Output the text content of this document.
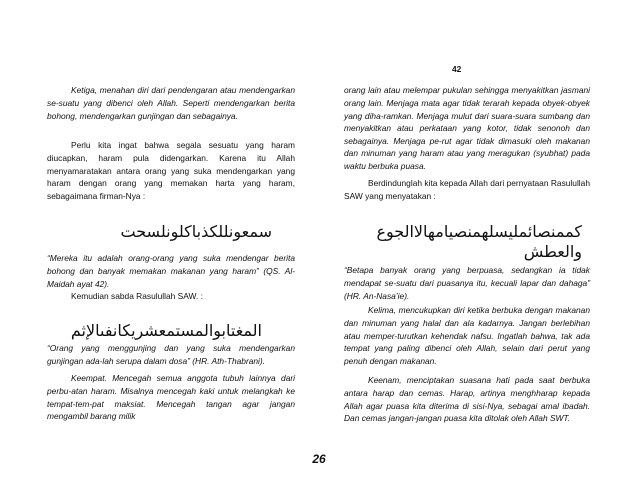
42

Ketiga, menahan diri dari pendengaran atau mendengarkan se-suatu yang dibenci oleh Allah. Seperti mendengarkan berita bohong, mendengarkan gunjingan dan sebagainya.

Perlu kita ingat bahwa segala sesuatu yang haram diucapkan, haram pula didengarkan. Karena itu Allah menyamaratakan antara orang yang suka mendengarkan yang haram dengan orang yang memakan harta yang haram, sebagaimana firman-Nya :

سمعونللكذباكلونلسحت

“Mereka itu adalah orang-orang yang suka mendengar berita bohong dan banyak memakan makanan yang haram” (QS. Al-Maidah ayat 42).

Kemudian sabda Rasulullah SAW. :

المغتابوالمستمعشريكانفىالإثم

“Orang yang menggunjing dan yang suka mendengarkan gunjingan ada-lah serupa dalam dosa” (HR. Ath-Thabrani).

Keempat. Mencegah semua anggota tubuh lainnya dari perbu-atan haram. Misalnya mencegah kaki untuk melangkah ke tempat-tem-pat maksiat. Mencegah tangan agar jangan mengambil barang milik

orang lain atau melempar pukulan sehingga menyakitkan jasmani orang lain. Menjaga mata agar tidak terarah kepada obyek-obyek yang diha-ramkan. Menjaga mulut dari suara-suara sumbang dan menyakitkan atau perkataan yang kotor, tidak senonoh dan sebagainya. Menjaga pe-rut agar tidak dimasuki oleh makanan dan minuman yang haram atau yang meragukan (syubhat) pada waktu berbuka puasa.

Berdindunglah kita kepada Allah dari pernyataan Rasulullah SAW yang menyatakan :

كممنصائمليسلهمنصيامهالاالجوع

والعطش

“Betapa banyak orang yang berpuasa, sedangkan ia tidak mendapat se-suatu dari puasanya itu, kecuali lapar dan dahaga” (HR. An-Nasa’ie).

Kelima, mencukupkan diri ketika berbuka dengan makanan dan minuman yang halal dan ala kadarnya. Jangan berlebihan atau memper-turutkan kehendak nafsu. Ingatlah bahwa, tak ada tempat yang paling dibenci oleh Allah, selain dari perut yang penuh dengan makanan.

Keenam, menciptakan suasana hati pada saat berbuka antara harap dan cemas. Harap, artinya menghharap kepada Allah agar puasa kita diterima di sisi-Nya, sebagai amal ibadah. Dan cemas jangan-jangan puasa kita ditolak oleh Allah SWT.

26
